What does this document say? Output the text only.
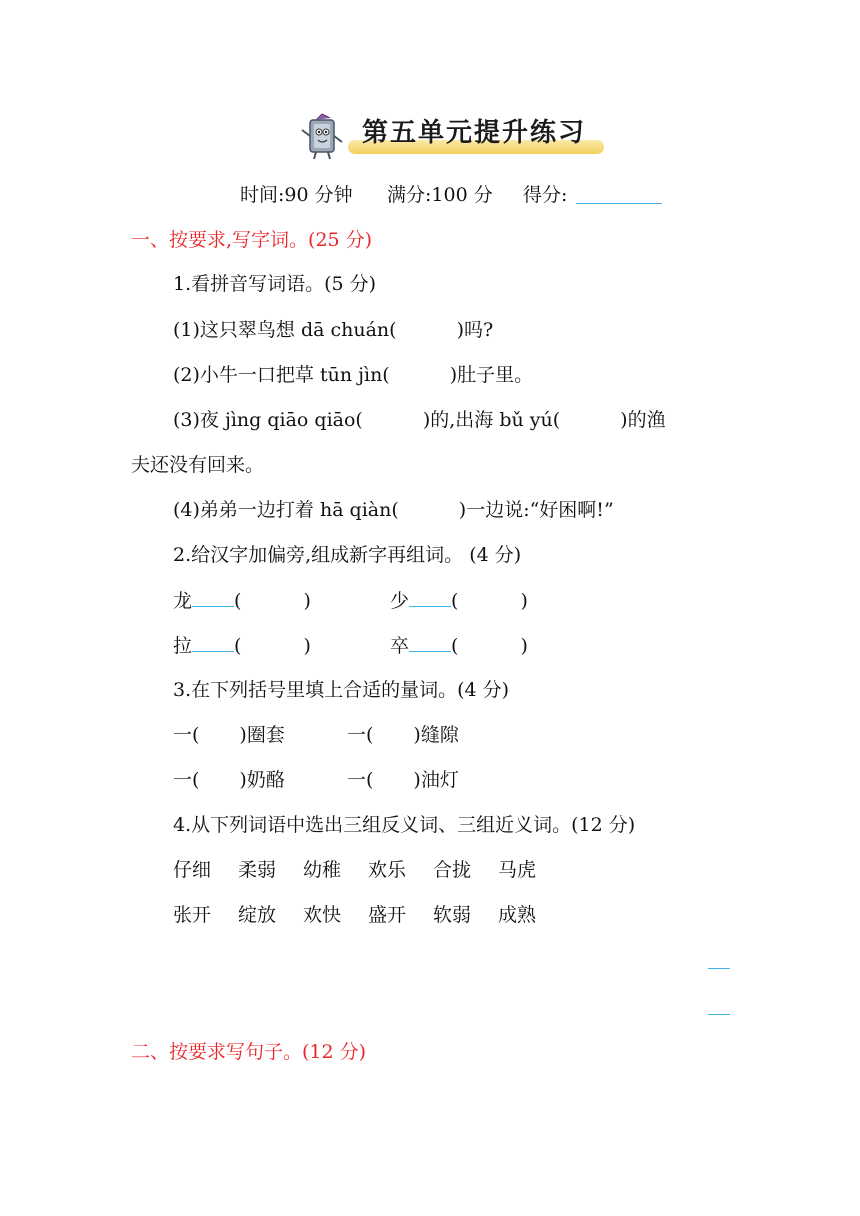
第五单元提升练习
时间:90 分钟 满分:100 分 得分:
一、按要求,写字词。(25 分)
1.看拼音写词语。(5 分)
(1)这只翠鸟想 dā chuán(	)吗?
(2)小牛一口把草 tūn jìn(	)肚子里。
(3)夜 jìng qiāo qiāo(	)的,出海 bǔ yú(	)的渔
夫还没有回来。
(4)弟弟一边打着 hā qiàn(	)一边说:“好困啊!”
2.给汉字加偏旁,组成新字再组词。 (4 分)
龙 (	)	少 (	)
拉 (	)	卒 (	)
3.在下列括号里填上合适的量词。(4 分)
一( )圈套	一( )缝隙
一( )奶酪	一( )油灯
4.从下列词语中选出三组反义词、三组近义词。(12 分)
仔细 柔弱 幼稚 欢乐 合拢 马虎
张开 绽放 欢快 盛开 软弱 成熟
二、按要求写句子。(12 分)
